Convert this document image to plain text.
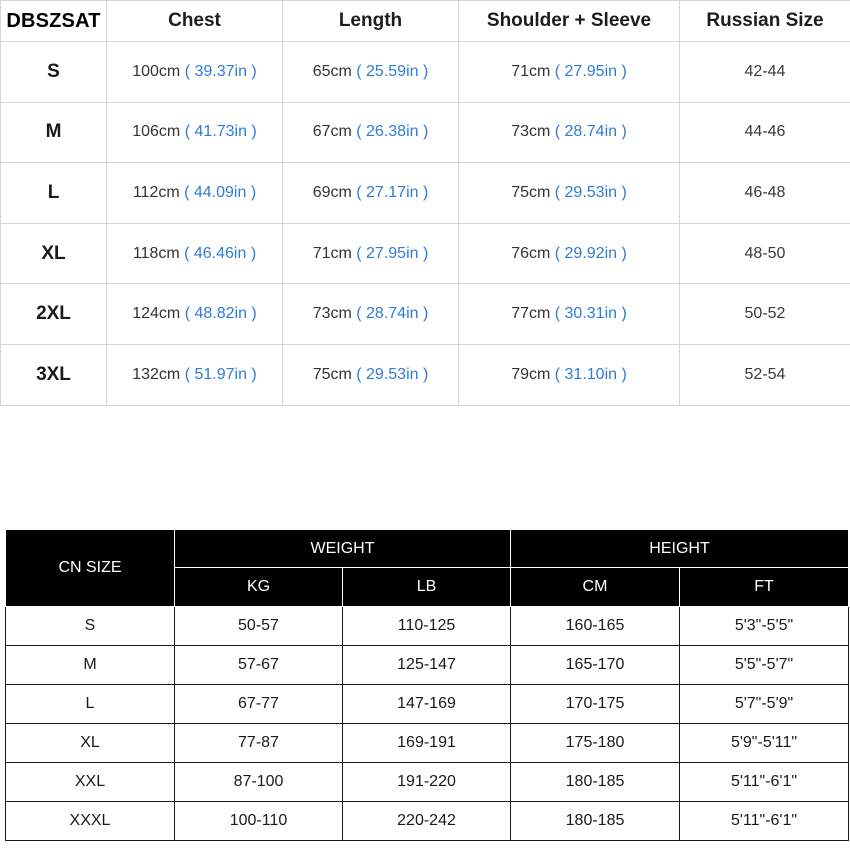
DBSZSAT	Chest	Length	Shoulder + Sleeve	Russian Size
S	100cm ( 39.37in )	65cm ( 25.59in )	71cm ( 27.95in )	42-44
M	106cm ( 41.73in )	67cm ( 26.38in )	73cm ( 28.74in )	44-46
L	112cm ( 44.09in )	69cm ( 27.17in )	75cm ( 29.53in )	46-48
XL	118cm ( 46.46in )	71cm ( 27.95in )	76cm ( 29.92in )	48-50
2XL	124cm ( 48.82in )	73cm ( 28.74in )	77cm ( 30.31in )	50-52
3XL	132cm ( 51.97in )	75cm ( 29.53in )	79cm ( 31.10in )	52-54
CN SIZE	WEIGHT		HEIGHT	
	KG	LB	CM	FT
S	50-57	110-125	160-165	5'3"-5'5"
M	57-67	125-147	165-170	5'5"-5'7"
L	67-77	147-169	170-175	5'7"-5'9"
XL	77-87	169-191	175-180	5'9"-5'11"
XXL	87-100	191-220	180-185	5'11"-6'1"
XXXL	100-110	220-242	180-185	5'11"-6'1"
